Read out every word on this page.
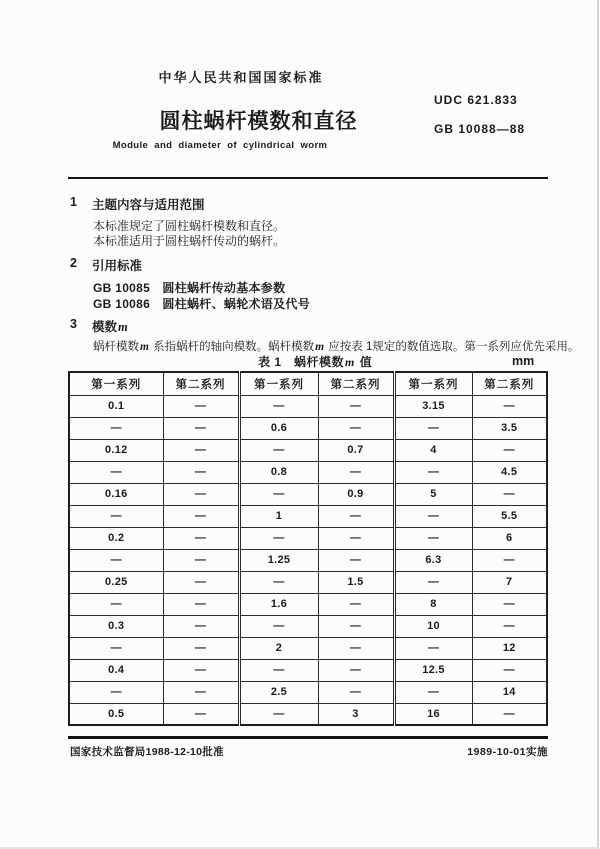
中华人民共和国国家标准
UDC 621.833
圆柱蜗杆模数和直径	GB 10088—88
Module and diameter of cylindrical worm
1	主题内容与适用范围
本标准规定了圆柱蜗杆模数和直径。
本标准适用于圆柱蜗杆传动的蜗杆。
2	引用标准
GB 10085　圆柱蜗杆传动基本参数
GB 10086　圆柱蜗杆、蜗轮术语及代号
3	模数m
蜗杆模数m 系指蜗杆的轴向模数。蜗杆模数m 应按表 1规定的数值选取。第一系列应优先采用。
表 1　蜗杆模数m 值	mm
第一系列	第二系列	第一系列	第二系列	第一系列	第二系列
0.1	—	—	—	3.15	—
—	—	0.6	—	—	3.5
0.12	—	—	0.7	4	—
—	—	0.8	—	—	4.5
0.16	—	—	0.9	5	—
—	—	1	—	—	5.5
0.2	—	—	—	—	6
—	—	1.25	—	6.3	—
0.25	—	—	1.5	—	7
—	—	1.6	—	8	—
0.3	—	—	—	10	—
—	—	2	—	—	12
0.4	—	—	—	12.5	—
—	—	2.5	—	—	14
0.5	—	—	3	16	—
国家技术监督局1988-12-10批准	1989-10-01实施
